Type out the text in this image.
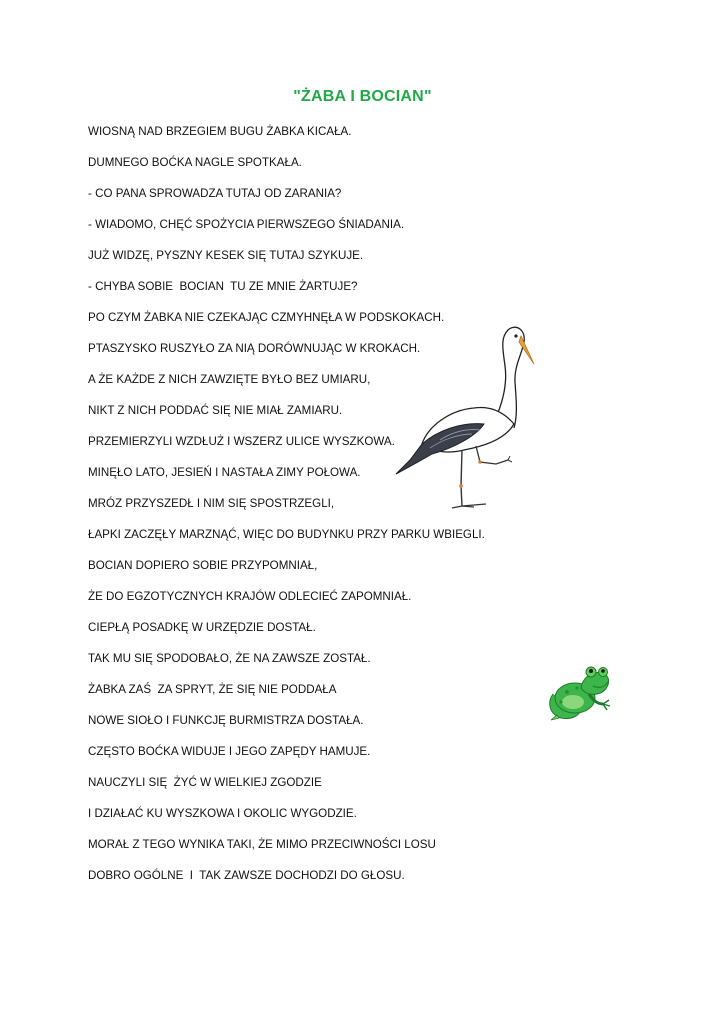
"ŻABA I BOCIAN"
WIOSNĄ NAD BRZEGIEM BUGU ŻABKA KICAŁA.
DUMNEGO BOĆKA NAGLE SPOTKAŁA.
- CO PANA SPROWADZA TUTAJ OD ZARANIA?
- WIADOMO, CHĘĆ SPOŻYCIA PIERWSZEGO ŚNIADANIA.
JUŻ WIDZĘ, PYSZNY KESEK SIĘ TUTAJ SZYKUJE.
- CHYBA SOBIE  BOCIAN  TU ZE MNIE ŻARTUJE?
PO CZYM ŻABKA NIE CZEKAJĄC CZMYHNĘŁA W PODSKOKACH.
PTASZYSKO RUSZYŁO ZA NIĄ DORÓWNUJĄC W KROKACH.
A ŻE KAŻDE Z NICH ZAWZIĘTE BYŁO BEZ UMIARU,
NIKT Z NICH PODDAĆ SIĘ NIE MIAŁ ZAMIARU.
PRZEMIERZYLI WZDŁUŻ I WSZERZ ULICE WYSZKOWA.
MINĘŁO LATO, JESIEŃ I NASTAŁA ZIMY POŁOWA.
MRÓZ PRZYSZEDŁ I NIM SIĘ SPOSTRZEGLI,
ŁAPKI ZACZĘŁY MARZNĄĆ, WIĘC DO BUDYNKU PRZY PARKU WBIEGLI.
BOCIAN DOPIERO SOBIE PRZYPOMNIAŁ,
ŻE DO EGZOTYCZNYCH KRAJÓW ODLECIEĆ ZAPOMNIAŁ.
CIEPŁĄ POSADKĘ W URZĘDZIE DOSTAŁ.
TAK MU SIĘ SPODOBAŁO, ŻE NA ZAWSZE ZOSTAŁ.
ŻABKA ZAŚ  ZA SPRYT, ŻE SIĘ NIE PODDAŁA
NOWE SIOŁO I FUNKCJĘ BURMISTRZA DOSTAŁA.
CZĘSTO BOĆKA WIDUJE I JEGO ZAPĘDY HAMUJE.
NAUCZYLI SIĘ  ŻYĆ W WIELKIEJ ZGODZIE
I DZIAŁAĆ KU WYSZKOWA I OKOLIC WYGODZIE.
MORAŁ Z TEGO WYNIKA TAKI, ŻE MIMO PRZECIWNOŚCI LOSU
DOBRO OGÓLNE  I  TAK ZAWSZE DOCHODZI DO GŁOSU.
